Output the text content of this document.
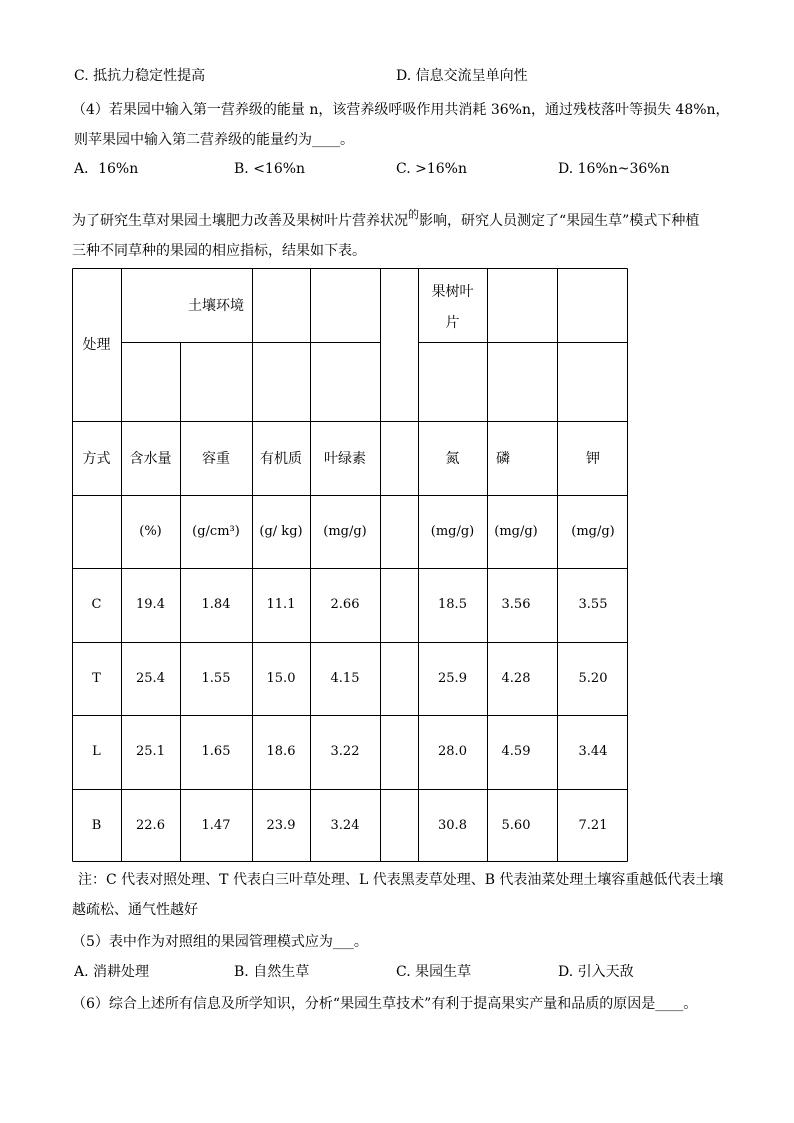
C. 抵抗力稳定性提高	D. 信息交流呈单向性
（4）若果园中输入第一营养级的能量 n，该营养级呼吸作用共消耗 36%n，通过残枝落叶等损失 48%n，
则苹果园中输入第二营养级的能量约为____。
A．16%n	B. <16%n	C. >16%n	D. 16%n~36%n
为了研究生草对果园土壤肥力改善及果树叶片营养状况$^的$影响，研究人员测定了“果园生草”模式下种植
三种不同草种的果园的相应指标，结果如下表。
处理
土壤环境
果树叶
片
方式	含水量	容重	有机质	叶绿素	氮	磷	钾
(%)	(g/cm³)	(g/ kg)	(mg/g)	(mg/g)	(mg/g)	(mg/g)
C	19.4	1.84	11.1	2.66	18.5	3.56	3.55
T	25.4	1.55	15.0	4.15	25.9	4.28	5.20
L	25.1	1.65	18.6	3.22	28.0	4.59	3.44
B	22.6	1.47	23.9	3.24	30.8	5.60	7.21
注：C 代表对照处理、T 代表白三叶草处理、L 代表黑麦草处理、B 代表油菜处理土壤容重越低代表土壤
越疏松、通气性越好
（5）表中作为对照组的果园管理模式应为___。
A. 消耕处理	B. 自然生草	C. 果园生草	D. 引入天敌
（6）综合上述所有信息及所学知识，分析“果园生草技术”有利于提高果实产量和品质的原因是____。
